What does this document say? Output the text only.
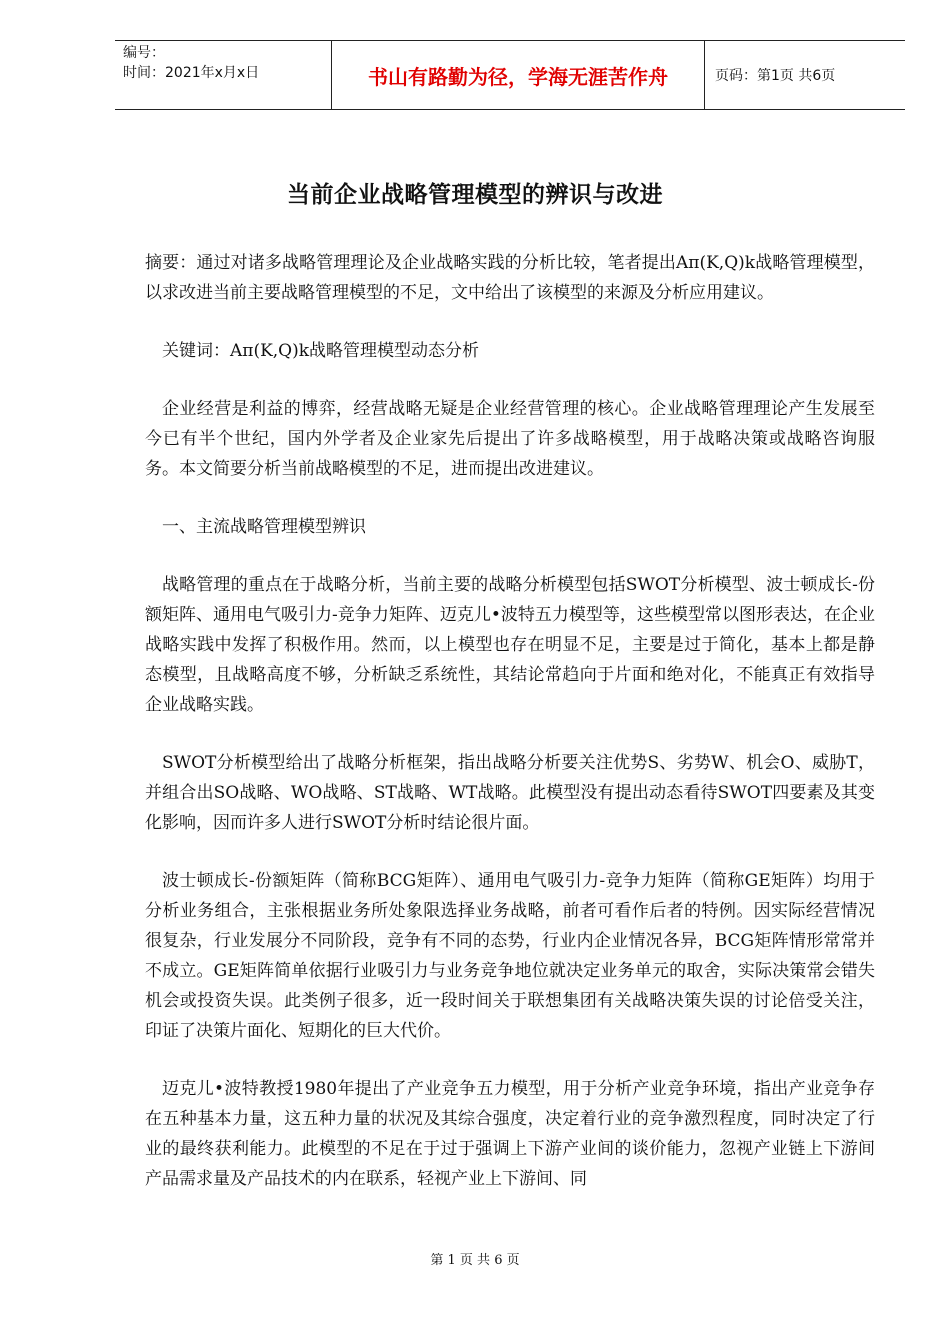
编号：
时间：2021年x月x日	书山有路勤为径，学海无涯苦作舟	页码：第1页 共6页
当前企业战略管理模型的辨识与改进

摘要：通过对诸多战略管理理论及企业战略实践的分析比较，笔者提出Aπ(K,Q)k战略管理模型，以求改进当前主要战略管理模型的不足，文中给出了该模型的来源及分析应用建议。

关键词：Aπ(K,Q)k战略管理模型动态分析

企业经营是利益的博弈，经营战略无疑是企业经营管理的核心。企业战略管理理论产生发展至今已有半个世纪，国内外学者及企业家先后提出了许多战略模型，用于战略决策或战略咨询服务。本文简要分析当前战略模型的不足，进而提出改进建议。

一、主流战略管理模型辨识

战略管理的重点在于战略分析，当前主要的战略分析模型包括SWOT分析模型、波士顿成长-份额矩阵、通用电气吸引力-竞争力矩阵、迈克儿•波特五力模型等，这些模型常以图形表达，在企业战略实践中发挥了积极作用。然而，以上模型也存在明显不足，主要是过于简化，基本上都是静态模型，且战略高度不够，分析缺乏系统性，其结论常趋向于片面和绝对化，不能真正有效指导企业战略实践。

SWOT分析模型给出了战略分析框架，指出战略分析要关注优势S、劣势W、机会O、威胁T，并组合出SO战略、WO战略、ST战略、WT战略。此模型没有提出动态看待SWOT四要素及其变化影响，因而许多人进行SWOT分析时结论很片面。

波士顿成长-份额矩阵（简称BCG矩阵）、通用电气吸引力-竞争力矩阵（简称GE矩阵）均用于分析业务组合，主张根据业务所处象限选择业务战略，前者可看作后者的特例。因实际经营情况很复杂，行业发展分不同阶段，竞争有不同的态势，行业内企业情况各异，BCG矩阵情形常常并不成立。GE矩阵简单依据行业吸引力与业务竞争地位就决定业务单元的取舍，实际决策常会错失机会或投资失误。此类例子很多，近一段时间关于联想集团有关战略决策失误的讨论倍受关注，印证了决策片面化、短期化的巨大代价。

迈克儿•波特教授1980年提出了产业竞争五力模型，用于分析产业竞争环境，指出产业竞争存在五种基本力量，这五种力量的状况及其综合强度，决定着行业的竞争激烈程度，同时决定了行业的最终获利能力。此模型的不足在于过于强调上下游产业间的谈价能力，忽视产业链上下游间产品需求量及产品技术的内在联系，轻视产业上下游间、同

第 1 页 共 6 页
